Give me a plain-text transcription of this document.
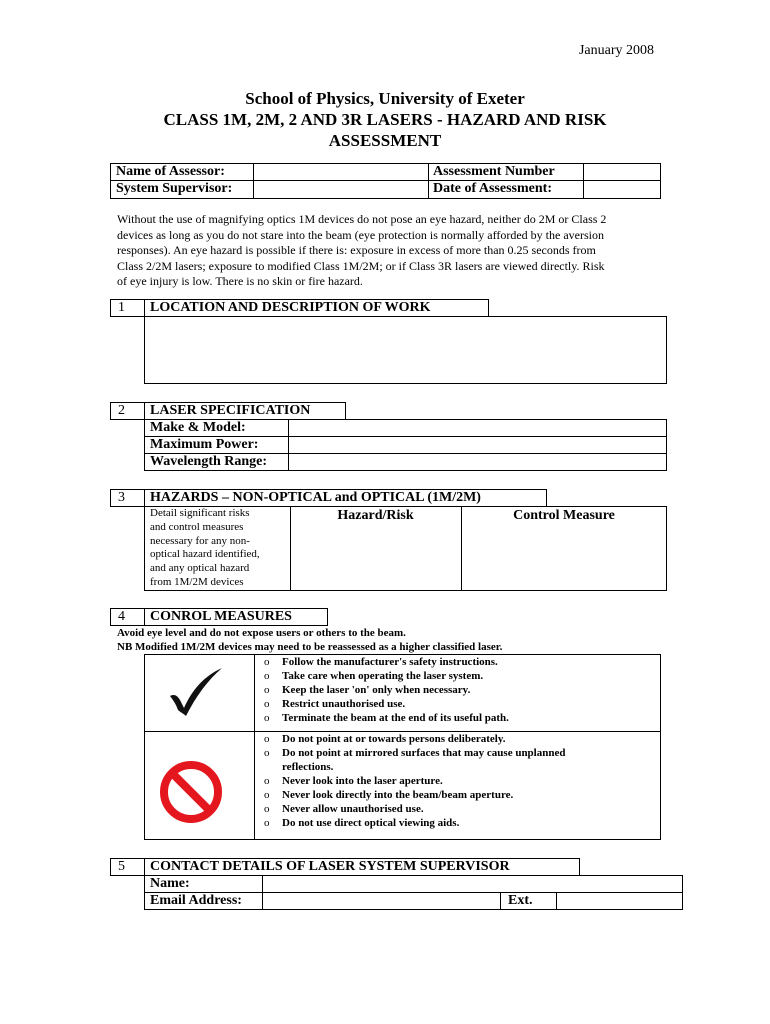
January 2008
School of Physics, University of Exeter
CLASS 1M, 2M, 2 AND 3R LASERS - HAZARD AND RISK
ASSESSMENT
Name of Assessor:
System Supervisor:
Assessment Number
Date of Assessment:
Without the use of magnifying optics 1M devices do not pose an eye hazard, neither do 2M or Class 2
devices as long as you do not stare into the beam (eye protection is normally afforded by the aversion
responses). An eye hazard is possible if there is: exposure in excess of more than 0.25 seconds from
Class 2/2M lasers; exposure to modified Class 1M/2M; or if Class 3R lasers are viewed directly. Risk
of eye injury is low. There is no skin or fire hazard.
1 LOCATION AND DESCRIPTION OF WORK
2 LASER SPECIFICATION
Make & Model:
Maximum Power:
Wavelength Range:
3 HAZARDS – NON-OPTICAL and OPTICAL (1M/2M)
Detail significant risks
and control measures
necessary for any non-
optical hazard identified,
and any optical hazard
from 1M/2M devices
Hazard/Risk	Control Measure
4 CONROL MEASURES
Avoid eye level and do not expose users or others to the beam.
NB Modified 1M/2M devices may need to be reassessed as a higher classified laser.
o Follow the manufacturer's safety instructions.
o Take care when operating the laser system.
o Keep the laser 'on' only when necessary.
o Restrict unauthorised use.
o Terminate the beam at the end of its useful path.
o Do not point at or towards persons deliberately.
o Do not point at mirrored surfaces that may cause unplanned
reflections.
o Never look into the laser aperture.
o Never look directly into the beam/beam aperture.
o Never allow unauthorised use.
o Do not use direct optical viewing aids.
5 CONTACT DETAILS OF LASER SYSTEM SUPERVISOR
Name:
Email Address:	Ext.
